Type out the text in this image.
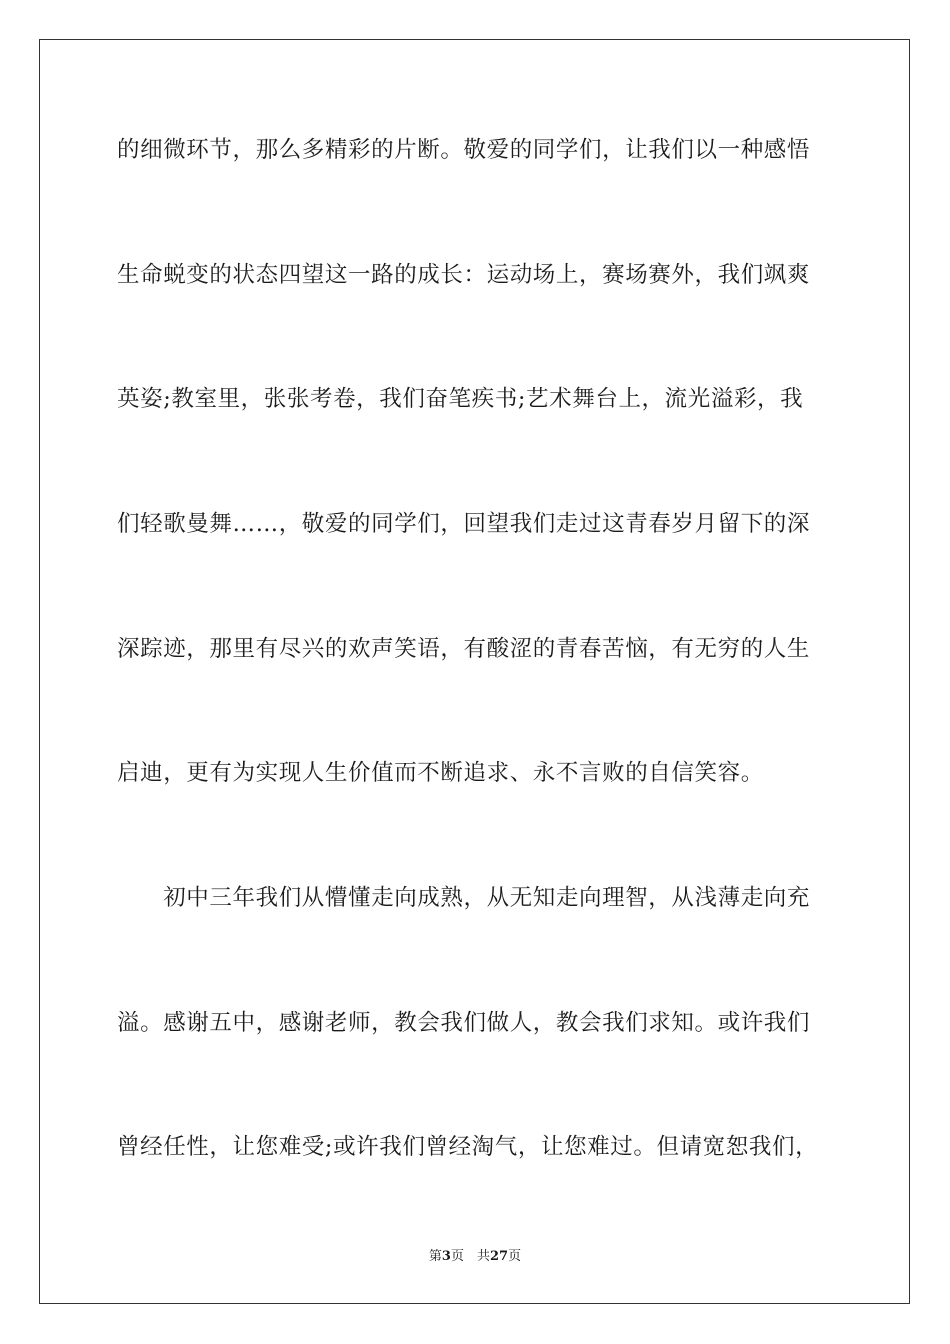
的细微环节，那么多精彩的片断。敬爱的同学们，让我们以一种感悟
生命蜕变的状态四望这一路的成长：运动场上，赛场赛外，我们飒爽
英姿;教室里，张张考卷，我们奋笔疾书;艺术舞台上，流光溢彩，我
们轻歌曼舞……，敬爱的同学们，回望我们走过这青春岁月留下的深
深踪迹，那里有尽兴的欢声笑语，有酸涩的青春苦恼，有无穷的人生
启迪，更有为实现人生价值而不断追求、永不言败的自信笑容。
　　初中三年我们从懵懂走向成熟，从无知走向理智，从浅薄走向充
溢。感谢五中，感谢老师，教会我们做人，教会我们求知。或许我们
曾经任性，让您难受;或许我们曾经淘气，让您难过。但请宽恕我们，
第3页　共27页
